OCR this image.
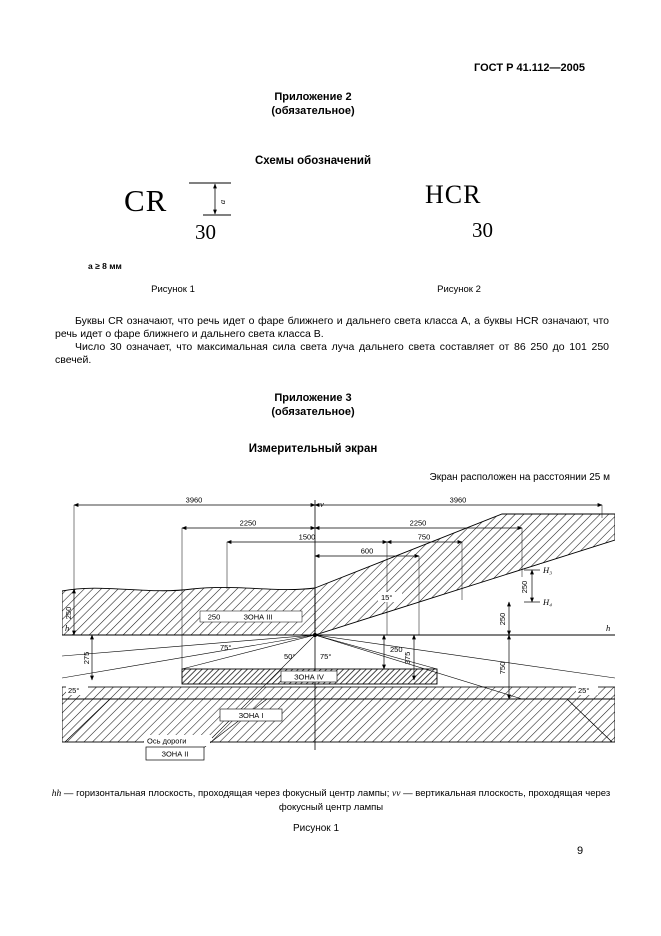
ГОСТ Р 41.112—2005
Приложение 2
(обязательное)
Схемы обозначений
CR	a
30
a ≥ 8 мм
Рисунок 1
HCR
30
Рисунок 2

Буквы CR означают, что речь идет о фаре ближнего и дальнего света класса А, а буквы HCR означают, что речь идет о фаре ближнего и дальнего света класса В.

Число 30 означает, что максимальная сила света луча дальнего света составляет от 86 250 до 101 250 свечей.

Приложение 3
(обязательное)
Измерительный экран
Экран расположен на расстоянии 25 м
v
h	h
3960	3960
2250	2250
1500	750
600
250
275
250
250
750
375
250
250	ЗОНА III
ЗОНА IV
ЗОНА I
ЗОНА II
Ось дороги
H₃
H₄
25°	25°
75°
50°	75°
15°
hh — горизонтальная плоскость, проходящая через фокусный центр лампы; vv — вертикальная плоскость, проходящая через фокусный центр лампы
Рисунок 1
9
